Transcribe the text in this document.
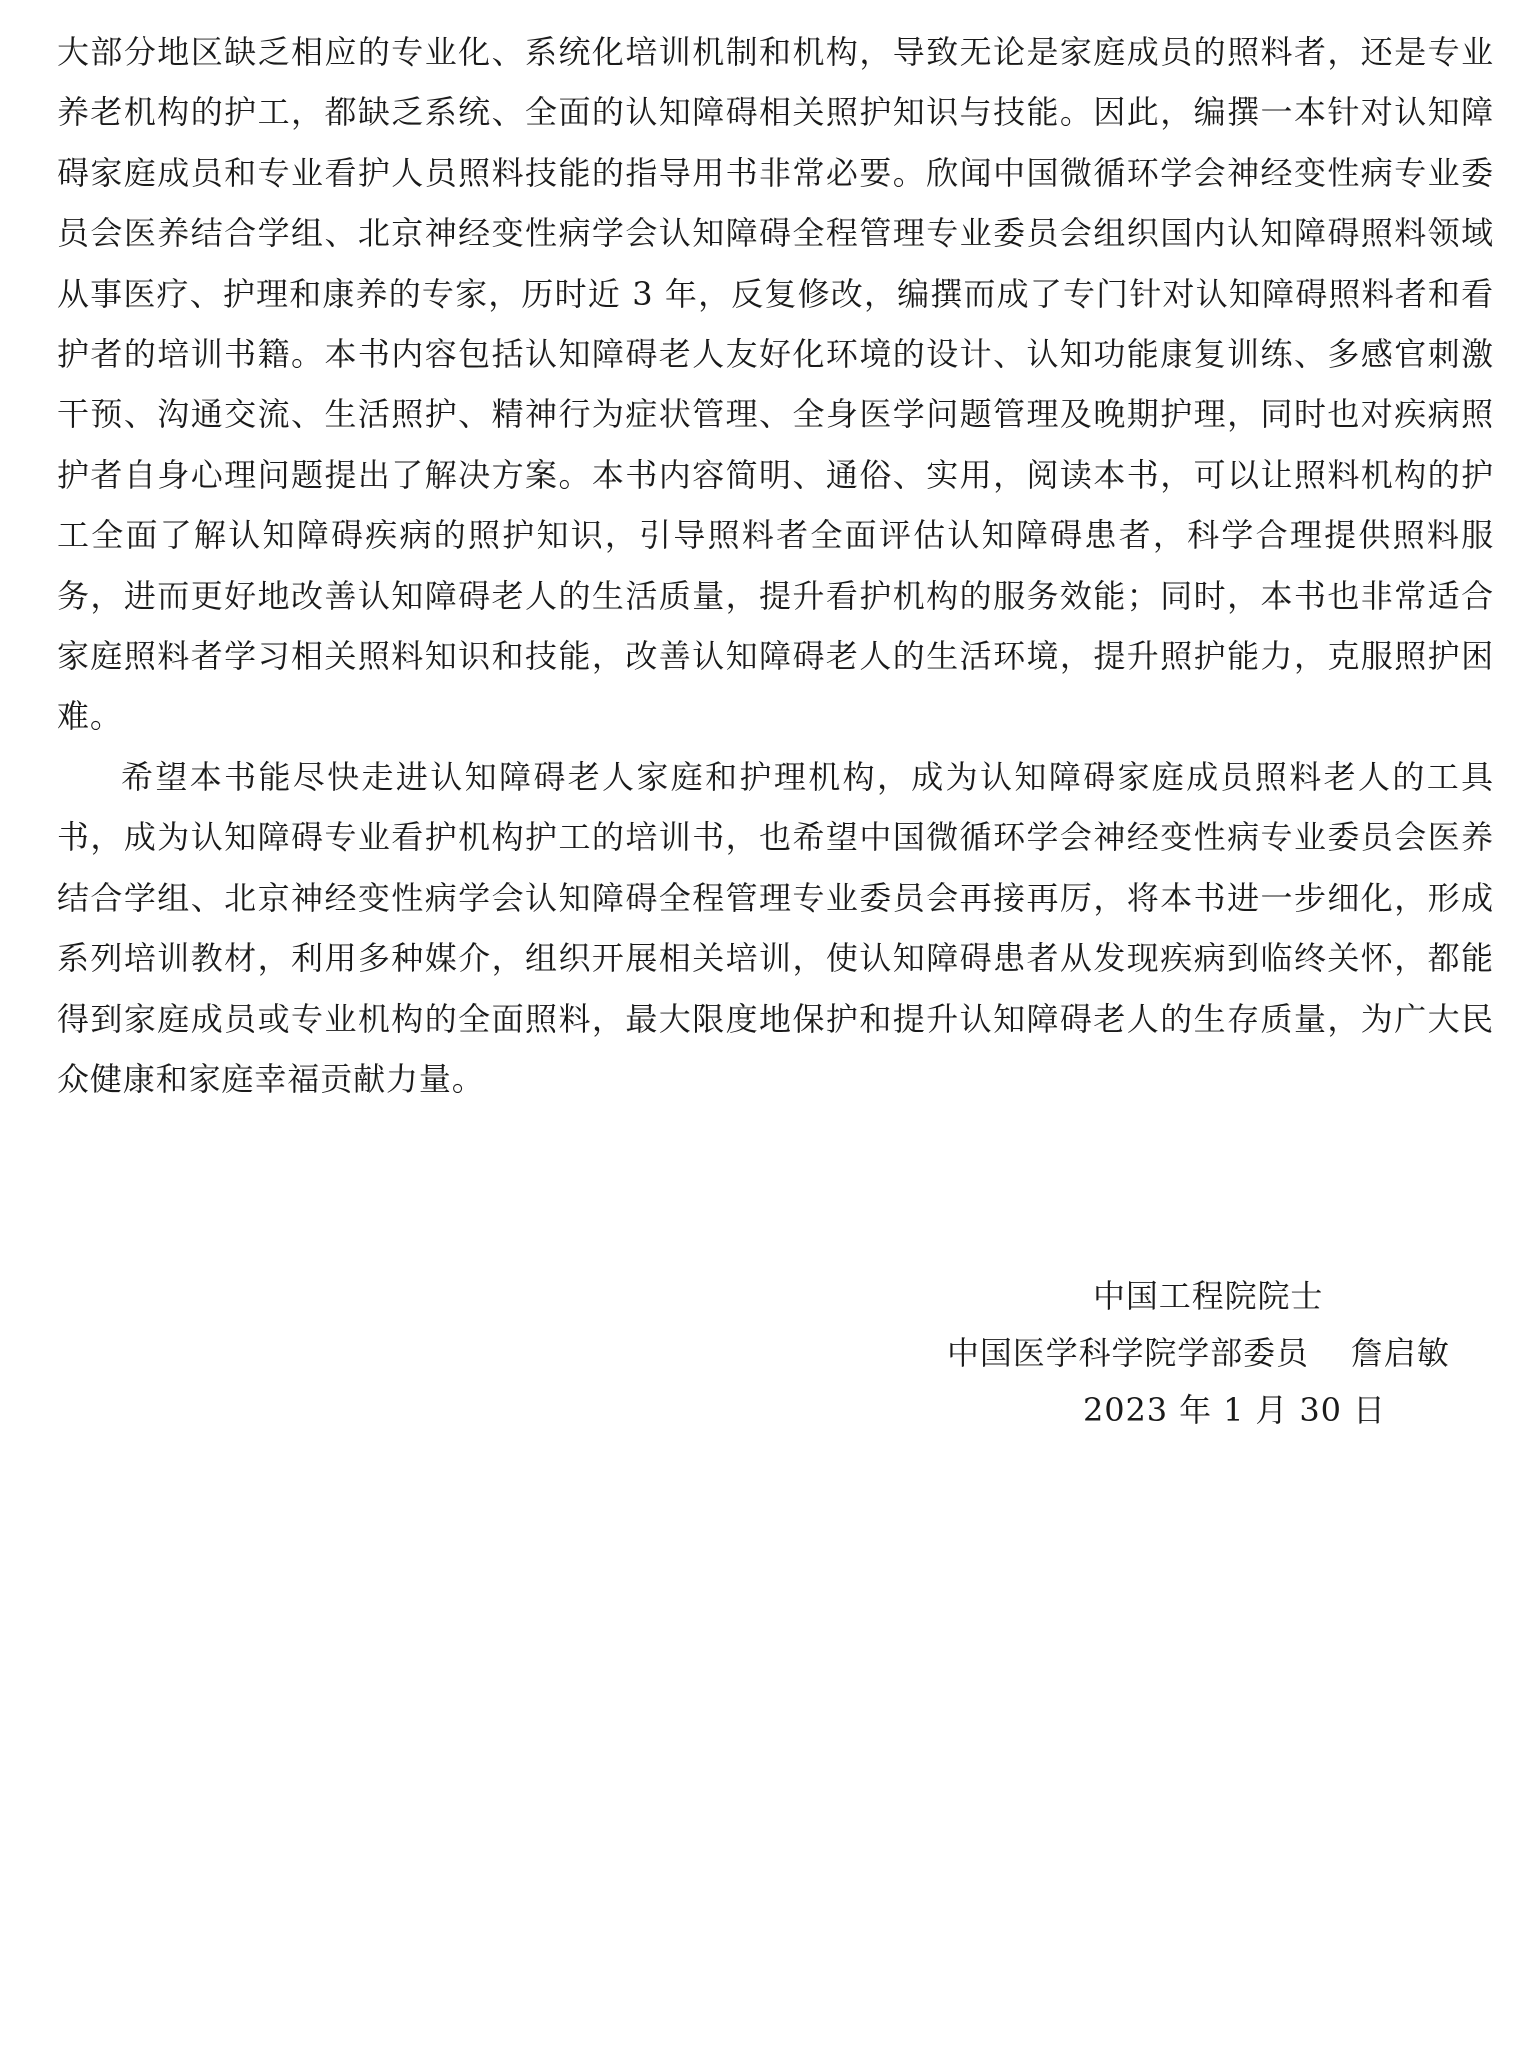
大部分地区缺乏相应的专业化、系统化培训机制和机构，导致无论是家庭成员的照料者，还是专业养老机构的护工，都缺乏系统、全面的认知障碍相关照护知识与技能。因此，编撰一本针对认知障碍家庭成员和专业看护人员照料技能的指导用书非常必要。欣闻中国微循环学会神经变性病专业委员会医养结合学组、北京神经变性病学会认知障碍全程管理专业委员会组织国内认知障碍照料领域从事医疗、护理和康养的专家，历时近 3 年，反复修改，编撰而成了专门针对认知障碍照料者和看护者的培训书籍。本书内容包括认知障碍老人友好化环境的设计、认知功能康复训练、多感官刺激干预、沟通交流、生活照护、精神行为症状管理、全身医学问题管理及晚期护理，同时也对疾病照护者自身心理问题提出了解决方案。本书内容简明、通俗、实用，阅读本书，可以让照料机构的护工全面了解认知障碍疾病的照护知识，引导照料者全面评估认知障碍患者，科学合理提供照料服务，进而更好地改善认知障碍老人的生活质量，提升看护机构的服务效能；同时，本书也非常适合家庭照料者学习相关照料知识和技能，改善认知障碍老人的生活环境，提升照护能力，克服照护困难。

希望本书能尽快走进认知障碍老人家庭和护理机构，成为认知障碍家庭成员照料老人的工具书，成为认知障碍专业看护机构护工的培训书，也希望中国微循环学会神经变性病专业委员会医养结合学组、北京神经变性病学会认知障碍全程管理专业委员会再接再厉，将本书进一步细化，形成系列培训教材，利用多种媒介，组织开展相关培训，使认知障碍患者从发现疾病到临终关怀，都能得到家庭成员或专业机构的全面照料，最大限度地保护和提升认知障碍老人的生存质量，为广大民众健康和家庭幸福贡献力量。

中国工程院院士
中国医学科学院学部委员 詹启敏
2023 年 1 月 30 日
